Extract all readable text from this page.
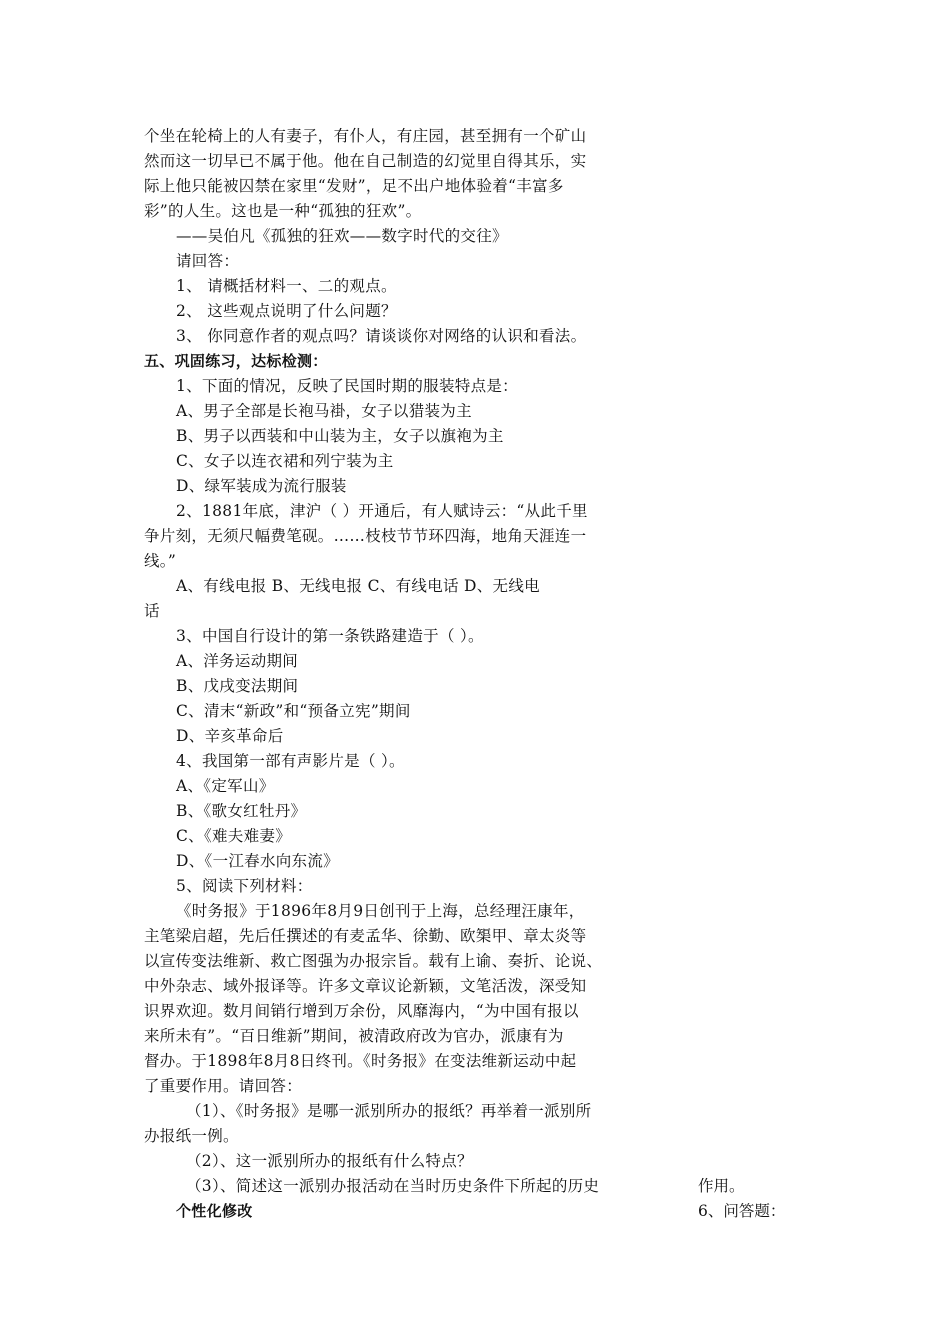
个坐在轮椅上的人有妻子，有仆人，有庄园，甚至拥有一个矿山
然而这一切早已不属于他。他在自己制造的幻觉里自得其乐，实
际上他只能被囚禁在家里“发财”，足不出户地体验着“丰富多
彩”的人生。这也是一种“孤独的狂欢”。
——吴伯凡《孤独的狂欢——数字时代的交往》
请回答：
1、 请概括材料一、二的观点。
2、 这些观点说明了什么问题？
3、 你同意作者的观点吗？请谈谈你对网络的认识和看法。
五、巩固练习，达标检测：
1、下面的情况，反映了民国时期的服装特点是：
A、男子全部是长袍马褂，女子以猎装为主
B、男子以西装和中山装为主，女子以旗袍为主
C、女子以连衣裙和列宁装为主
D、绿军装成为流行服装
2、1881年底，津沪（ ）开通后，有人赋诗云：“从此千里
争片刻，无须尺幅费笔砚。……枝枝节节环四海，地角天涯连一
线。”
A、有线电报 B、无线电报 C、有线电话 D、无线电
话
3、中国自行设计的第一条铁路建造于（ ）。
A、洋务运动期间
B、戊戌变法期间
C、清末“新政”和“预备立宪”期间
D、辛亥革命后
4、我国第一部有声影片是（ ）。
A、《定军山》
B、《歌女红牡丹》
C、《难夫难妻》
D、《一江春水向东流》
5、阅读下列材料：
《时务报》于1896年8月9日创刊于上海，总经理汪康年，
主笔梁启超，先后任撰述的有麦孟华、徐勤、欧榘甲、章太炎等
以宣传变法维新、救亡图强为办报宗旨。载有上谕、奏折、论说、
中外杂志、域外报译等。许多文章议论新颖，文笔活泼，深受知
识界欢迎。数月间销行增到万余份，风靡海内，“为中国有报以
来所未有”。“百日维新”期间，被清政府改为官办，派康有为
督办。于1898年8月8日终刊。《时务报》在变法维新运动中起
了重要作用。请回答：
（1）、《时务报》是哪一派别所办的报纸？再举着一派别所
办报纸一例。
（2）、这一派别所办的报纸有什么特点？
（3）、简述这一派别办报活动在当时历史条件下所起的历史	作用。
个性化修改	6、问答题：
